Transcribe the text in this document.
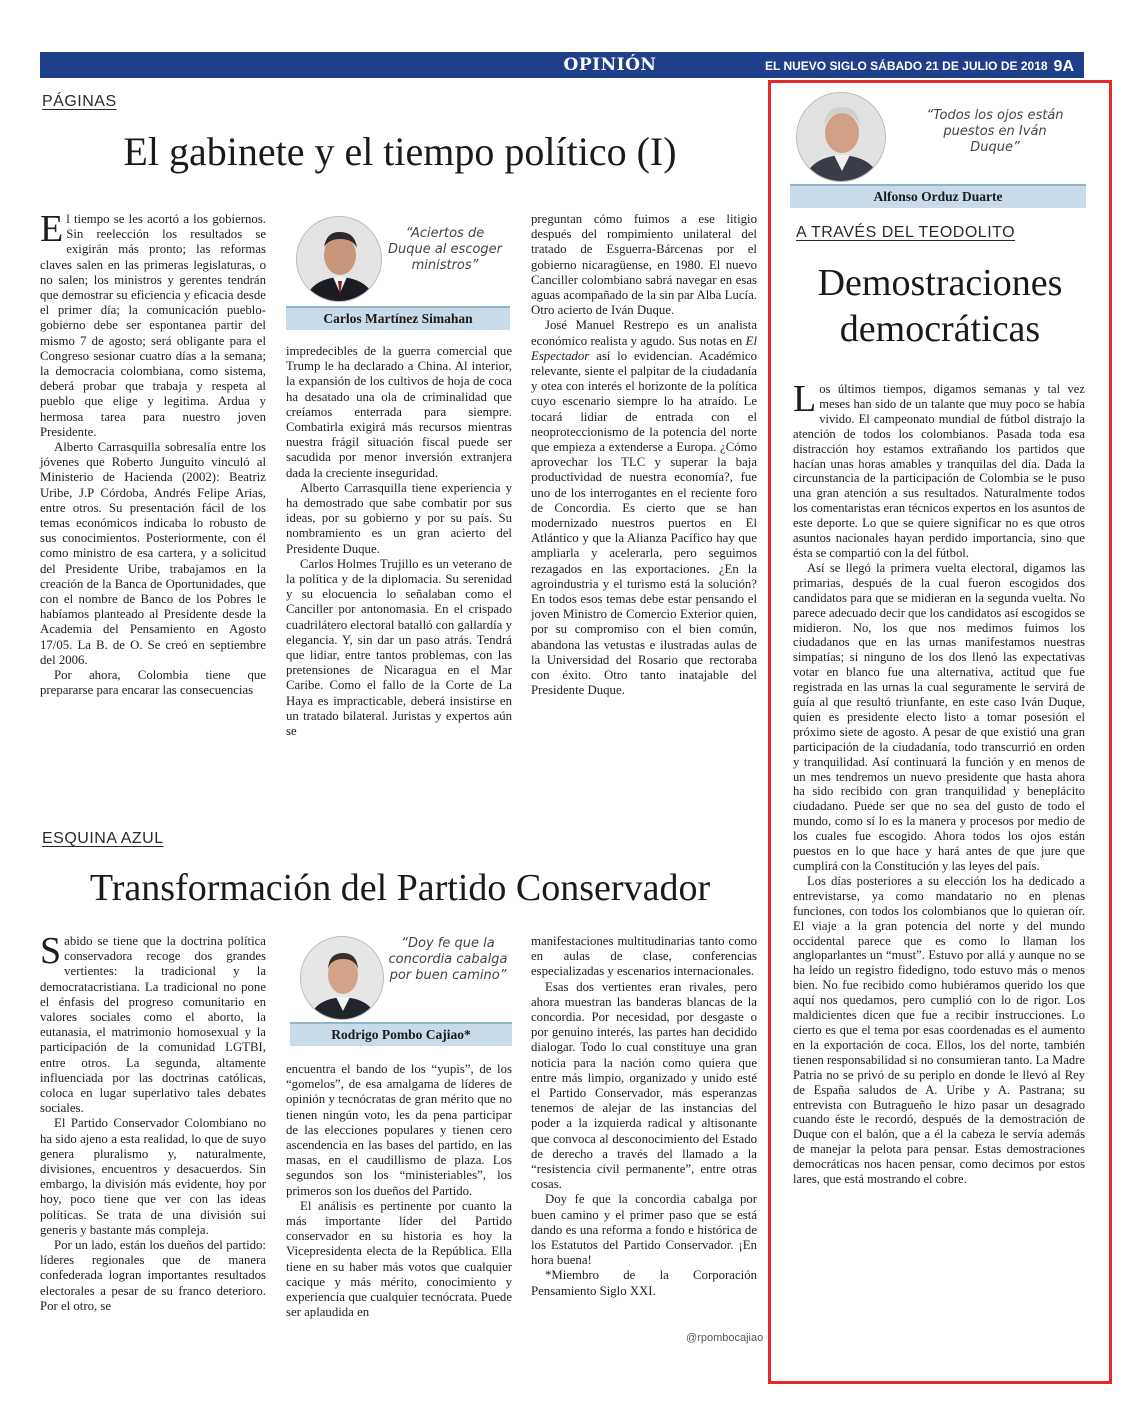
OPINIÓN	EL NUEVO SIGLO SÁBADO 21 DE JULIO DE 2018 9A
PÁGINAS
El gabinete y el tiempo político (I)

El tiempo se les acortó a los gobiernos. Sin reelección los resultados se exigirán más pronto; las reformas claves salen en las primeras legislaturas, o no salen; los ministros y gerentes tendrán que demostrar su eficiencia y eficacia desde el primer día; la comunicación pueblo-gobierno debe ser espontanea partir del mismo 7 de agosto; será obligante para el Congreso sesionar cuatro días a la semana; la democracia colombiana, como sistema, deberá probar que trabaja y respeta al pueblo que elige y legitima. Ardua y hermosa tarea para nuestro joven Presidente.

Alberto Carrasquilla sobresalía entre los jóvenes que Roberto Junguito vinculó al Ministerio de Hacienda (2002): Beatriz Uribe, J.P Córdoba, Andrés Felipe Arias, entre otros. Su presentación fácil de los temas económicos indicaba lo robusto de sus conocimientos. Posteriormente, con él como ministro de esa cartera, y a solicitud del Presidente Uribe, trabajamos en la creación de la Banca de Oportunidades, que con el nombre de Banco de los Pobres le habíamos planteado al Presidente desde la Academia del Pensamiento en Agosto 17/05. La B. de O. Se creó en septiembre del 2006.

Por ahora, Colombia tiene que prepararse para encarar las consecuencias

“Aciertos de Duque al escoger ministros”
Carlos Martínez Simahan

impredecibles de la guerra comercial que Trump le ha declarado a China. Al interior, la expansión de los cultivos de hoja de coca ha desatado una ola de criminalidad que creíamos enterrada para siempre. Combatirla exigirá más recursos mientras nuestra frágil situación fiscal puede ser sacudida por menor inversión extranjera dada la creciente inseguridad.

Alberto Carrasquilla tiene experiencia y ha demostrado que sabe combatir por sus ideas, por su gobierno y por su país. Su nombramiento es un gran acierto del Presidente Duque.

Carlos Holmes Trujillo es un veterano de la política y de la diplomacia. Su serenidad y su elocuencia lo señalaban como el Canciller por antonomasia. En el crispado cuadrilátero electoral batalló con gallardía y elegancia. Y, sin dar un paso atrás. Tendrá que lidiar, entre tantos problemas, con las pretensiones de Nicaragua en el Mar Caribe. Como el fallo de la Corte de La Haya es impracticable, deberá insistirse en un tratado bilateral. Juristas y expertos aún se

preguntan cómo fuimos a ese litigio después del rompimiento unilateral del tratado de Esguerra-Bárcenas por el gobierno nicaragüense, en 1980. El nuevo Canciller colombiano sabrá navegar en esas aguas acompañado de la sin par Alba Lucía. Otro acierto de Iván Duque.

José Manuel Restrepo es un analista económico realista y agudo. Sus notas en El Espectador así lo evidencian. Académico relevante, siente el palpitar de la ciudadanía y otea con interés el horizonte de la política cuyo escenario siempre lo ha atraído. Le tocará lidiar de entrada con el neoproteccionismo de la potencia del norte que empieza a extenderse a Europa. ¿Cómo aprovechar los TLC y superar la baja productividad de nuestra economía?, fue uno de los interrogantes en el reciente foro de Concordia. Es cierto que se han modernizado nuestros puertos en El Atlántico y que la Alianza Pacífico hay que ampliarla y acelerarla, pero seguimos rezagados en las exportaciones. ¿En la agroindustria y el turismo está la solución? En todos esos temas debe estar pensando el joven Ministro de Comercio Exterior quien, por su compromiso con el bien común, abandona las vetustas e ilustradas aulas de la Universidad del Rosario que rectoraba con éxito. Otro tanto inatajable del Presidente Duque.

ESQUINA AZUL
Transformación del Partido Conservador

Sabido se tiene que la doctrina política conservadora recoge dos grandes vertientes: la tradicional y la democratacristiana. La tradicional no pone el énfasis del progreso comunitario en valores sociales como el aborto, la eutanasia, el matrimonio homosexual y la participación de la comunidad LGTBI, entre otros. La segunda, altamente influenciada por las doctrinas católicas, coloca en lugar superlativo tales debates sociales.

El Partido Conservador Colombiano no ha sido ajeno a esta realidad, lo que de suyo genera pluralismo y, naturalmente, divisiones, encuentros y desacuerdos. Sin embargo, la división más evidente, hoy por hoy, poco tiene que ver con las ideas políticas. Se trata de una división sui generis y bastante más compleja.

Por un lado, están los dueños del partido: líderes regionales que de manera confederada logran importantes resultados electorales a pesar de su franco deterioro. Por el otro, se

“Doy fe que la concordia cabalga por buen camino”
Rodrigo Pombo Cajiao*

encuentra el bando de los “yupis”, de los “gomelos”, de esa amalgama de líderes de opinión y tecnócratas de gran mérito que no tienen ningún voto, les da pena participar de las elecciones populares y tienen cero ascendencia en las bases del partido, en las masas, en el caudillismo de plaza. Los segundos son los “ministeriables”, los primeros son los dueños del Partido.

El análisis es pertinente por cuanto la más importante líder del Partido conservador en su historia es hoy la Vicepresidenta electa de la República. Ella tiene en su haber más votos que cualquier cacique y más mérito, conocimiento y experiencia que cualquier tecnócrata. Puede ser aplaudida en

manifestaciones multitudinarias tanto como en aulas de clase, conferencias especializadas y escenarios internacionales.

Esas dos vertientes eran rivales, pero ahora muestran las banderas blancas de la concordia. Por necesidad, por desgaste o por genuino interés, las partes han decidido dialogar. Todo lo cual constituye una gran noticia para la nación como quiera que entre más limpio, organizado y unido esté el Partido Conservador, más esperanzas tenemos de alejar de las instancias del poder a la izquierda radical y altisonante que convoca al desconocimiento del Estado de derecho a través del llamado a la “resistencia civil permanente”, entre otras cosas.

Doy fe que la concordia cabalga por buen camino y el primer paso que se está dando es una reforma a fondo e histórica de los Estatutos del Partido Conservador. ¡En hora buena!

*Miembro de la Corporación Pensamiento Siglo XXI.

@rpombocajiao
“Todos los ojos están puestos en Iván Duque”
Alfonso Orduz Duarte
A TRAVÉS DEL TEODOLITO
Demostraciones
democráticas

Los últimos tiempos, digamos semanas y tal vez meses han sido de un talante que muy poco se había vivido. El campeonato mundial de fútbol distrajo la atención de todos los colombianos. Pasada toda esa distracción hoy estamos extrañando los partidos que hacían unas horas amables y tranquilas del día. Dada la circunstancia de la participación de Colombia se le puso una gran atención a sus resultados. Naturalmente todos los comentaristas eran técnicos expertos en los asuntos de este deporte. Lo que se quiere significar no es que otros asuntos nacionales hayan perdido importancia, sino que ésta se compartió con la del fútbol.

Así se llegó la primera vuelta electoral, digamos las primarias, después de la cual fueron escogidos dos candidatos para que se midieran en la segunda vuelta. No parece adecuado decir que los candidatos así escogidos se midieron. No, los que nos medimos fuimos los ciudadanos que en las urnas manifestamos nuestras simpatías; si ninguno de los dos llenó las expectativas votar en blanco fue una alternativa, actitud que fue registrada en las urnas la cual seguramente le servirá de guía al que resultó triunfante, en este caso Iván Duque, quien es presidente electo listo a tomar posesión el próximo siete de agosto. A pesar de que existió una gran participación de la ciudadanía, todo transcurrió en orden y tranquilidad. Así continuará la función y en menos de un mes tendremos un nuevo presidente que hasta ahora ha sido recibido con gran tranquilidad y beneplácito ciudadano. Puede ser que no sea del gusto de todo el mundo, como sí lo es la manera y procesos por medio de los cuales fue escogido. Ahora todos los ojos están puestos en lo que hace y hará antes de que jure que cumplirá con la Constitución y las leyes del país.

Los días posteriores a su elección los ha dedicado a entrevistarse, ya como mandatario no en plenas funciones, con todos los colombianos que lo quieran oír. El viaje a la gran potencia del norte y del mundo occidental parece que es como lo llaman los angloparlantes un “must”. Estuvo por allá y aunque no se ha leído un registro fidedigno, todo estuvo más o menos bien. No fue recibido como hubiéramos querido los que aquí nos quedamos, pero cumplió con lo de rigor. Los maldicientes dicen que fue a recibir instrucciones. Lo cierto es que el tema por esas coordenadas es el aumento en la exportación de coca. Ellos, los del norte, también tienen responsabilidad si no consumieran tanto. La Madre Patria no se privó de su periplo en donde le llevó al Rey de España saludos de A. Uribe y A. Pastrana; su entrevista con Butragueño le hizo pasar un desagrado cuando éste le recordó, después de la demostración de Duque con el balón, que a él la cabeza le servía además de manejar la pelota para pensar. Estas demostraciones democráticas nos hacen pensar, como decimos por estos lares, que está mostrando el cobre.
